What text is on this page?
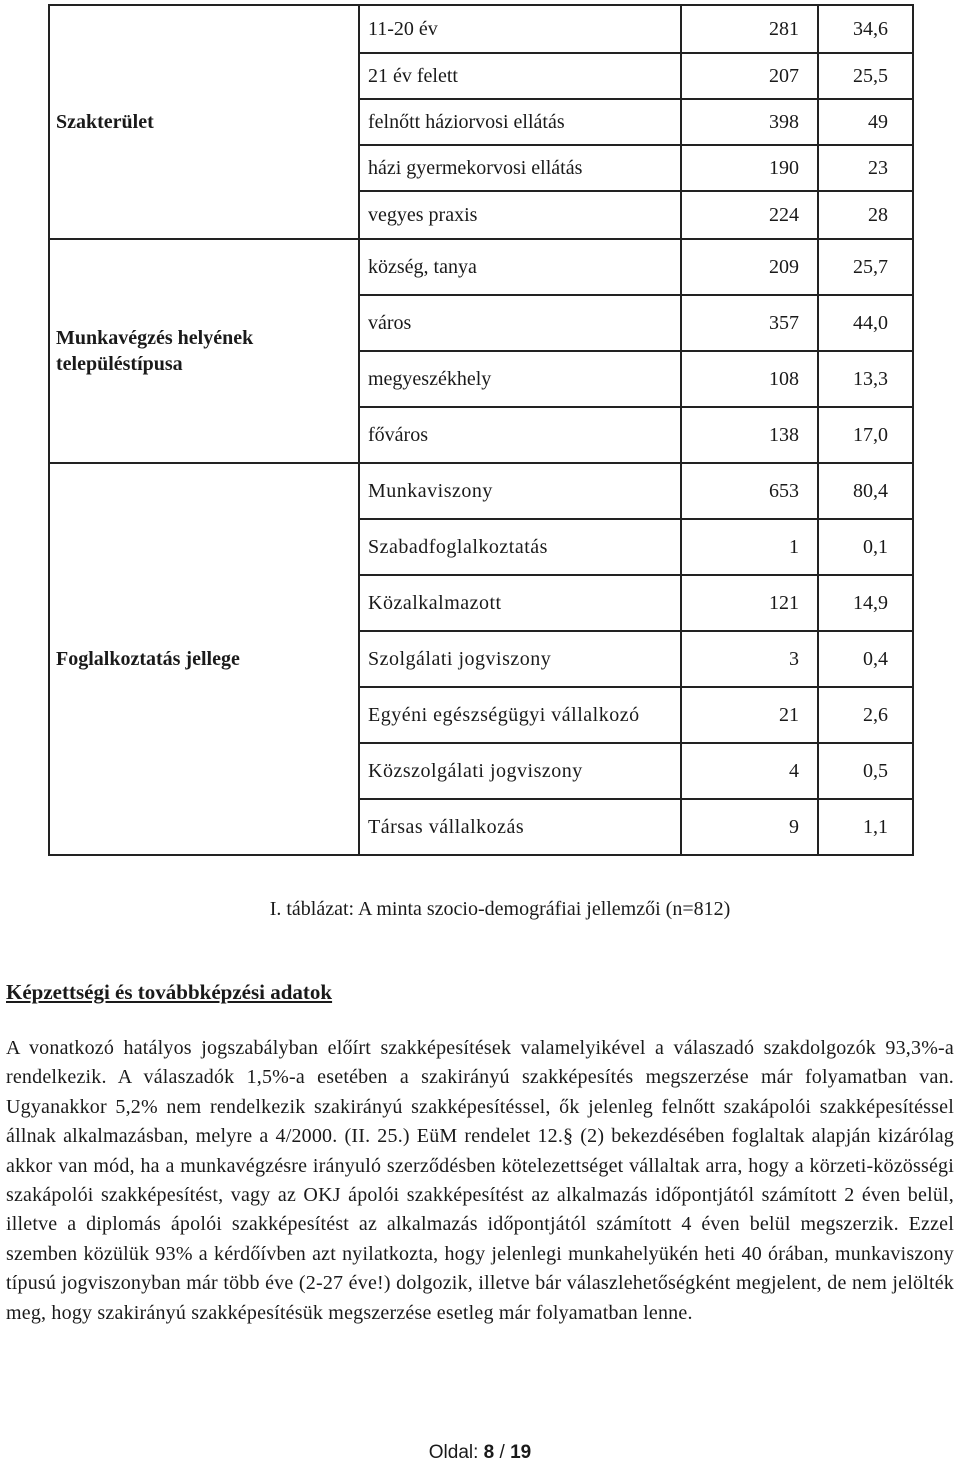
Szakterület	11-20 év	281	34,6
	21 év felett	207	25,5
	felnőtt háziorvosi ellátás	398	49
	házi gyermekorvosi ellátás	190	23
	vegyes praxis	224	28
Munkavégzés helyének településtípusa	község, tanya	209	25,7
	város	357	44,0
	megyeszékhely	108	13,3
	főváros	138	17,0
Foglalkoztatás jellege	Munkaviszony	653	80,4
	Szabadfoglalkoztatás	1	0,1
	Közalkalmazott	121	14,9
	Szolgálati jogviszony	3	0,4
	Egyéni egészségügyi vállalkozó	21	2,6
	Közszolgálati jogviszony	4	0,5
	Társas vállalkozás	9	1,1
I. táblázat: A minta szocio-demográfiai jellemzői (n=812)
Képzettségi és továbbképzési adatok
A vonatkozó hatályos jogszabályban előírt szakképesítések valamelyikével a válaszadó szakdolgozók 93,3%-a rendelkezik. A válaszadók 1,5%-a esetében a szakirányú szakképesítés megszerzése már folyamatban van. Ugyanakkor 5,2% nem rendelkezik szakirányú szakképesítéssel, ők jelenleg felnőtt szakápolói szakképesítéssel állnak alkalmazásban, melyre a 4/2000. (II. 25.) EüM rendelet 12.§ (2) bekezdésében foglaltak alapján kizárólag akkor van mód, ha a munkavégzésre irányuló szerződésben kötelezettséget vállaltak arra, hogy a körzeti-közösségi szakápolói szakképesítést, vagy az OKJ ápolói szakképesítést az alkalmazás időpontjától számított 2 éven belül, illetve a diplomás ápolói szakképesítést az alkalmazás időpontjától számított 4 éven belül megszerzik. Ezzel szemben közülük 93% a kérdőívben azt nyilatkozta, hogy jelenlegi munkahelyükén heti 40 órában, munkaviszony típusú jogviszonyban már több éve (2-27 éve!) dolgozik, illetve bár válaszlehetőségként megjelent, de nem jelölték meg, hogy szakirányú szakképesítésük megszerzése esetleg már folyamatban lenne.
Oldal: 8 / 19
